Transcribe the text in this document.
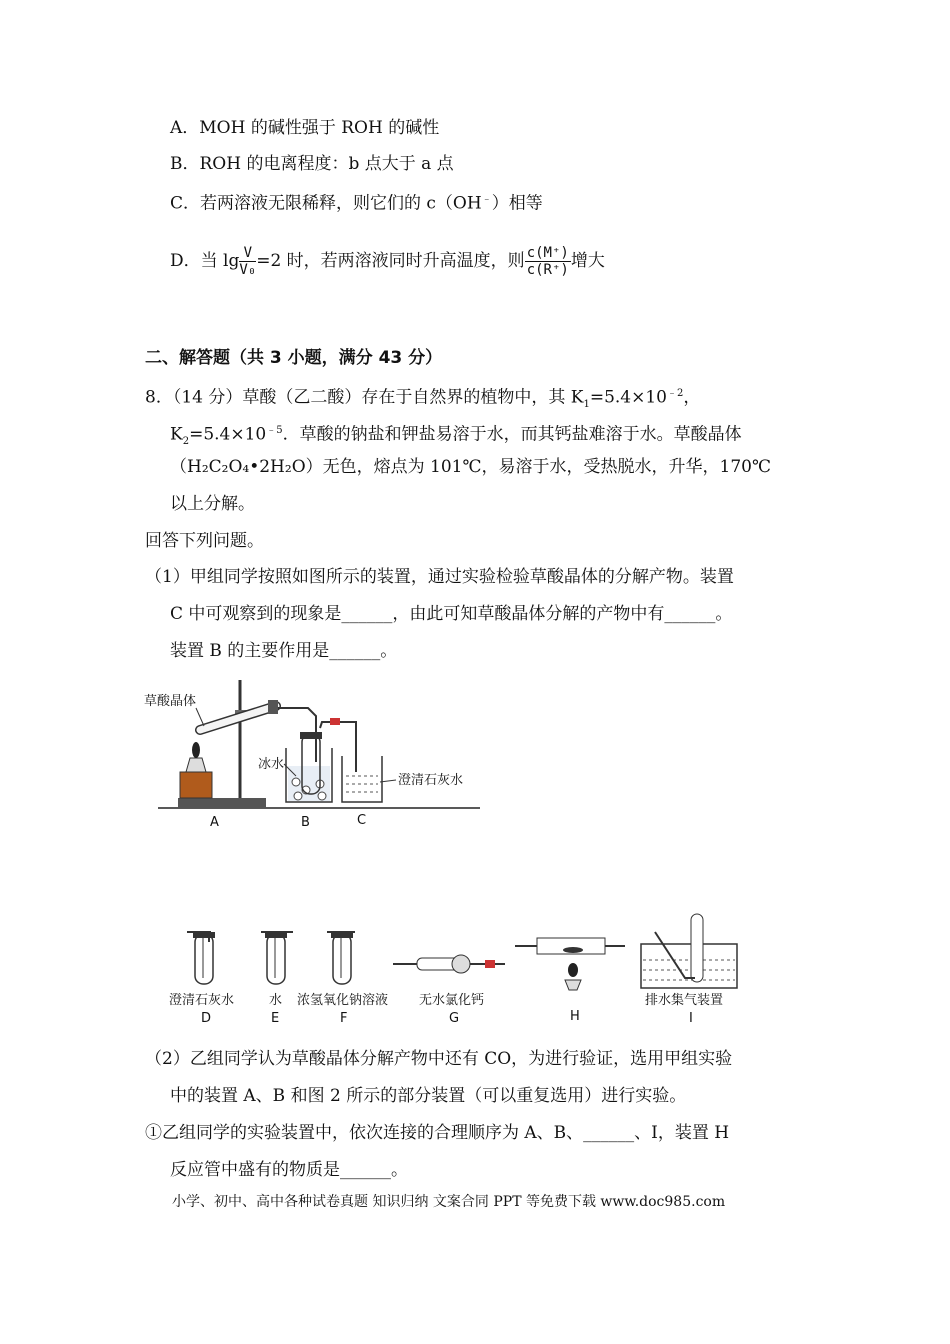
A．MOH 的碱性强于 ROH 的碱性
B．ROH 的电离程度：b 点大于 a 点
C．若两溶液无限稀释，则它们的 c（OH﹣）相等
D．当 $\lg \frac{V}{\text{V₀}} =2$ 时，若两溶液同时升高温度，则 $\frac{c(M^+)}{c(R^+)}$ 增大
二、解答题（共 3 小题，满分 43 分）
8．（14 分）草酸（乙二酸）存在于自然界的植物中，其 $K_1=5.4\times 10^{﹣2}$，
$K_2=5.4\times 10^{﹣5}$．草酸的钠盐和钾盐易溶于水，而其钙盐难溶于水。草酸晶体
（H₂C₂O₄•2H₂O）无色，熔点为 101℃，易溶于水，受热脱水，升华，170℃
以上分解。
回答下列问题。
（1）甲组同学按照如图所示的装置，通过实验检验草酸晶体的分解产物。装置
C 中可观察到的现象是______，由此可知草酸晶体分解的产物中有______。
装置 B 的主要作用是______。
草酸晶体
冰水
澄清石灰水
A	B	C
澄清石灰水	水 浓氢氧化钠溶液 无水氯化钙	排水集气装置
D	E	F	G	H	I
（2）乙组同学认为草酸晶体分解产物中还有 CO，为进行验证，选用甲组实验
中的装置 A、B 和图 2 所示的部分装置（可以重复选用）进行实验。
①乙组同学的实验装置中，依次连接的合理顺序为 A、B、______、I，装置 H
反应管中盛有的物质是______。
小学、初中、高中各种试卷真题 知识归纳 文案合同 PPT 等免费下载 www.doc985.com
